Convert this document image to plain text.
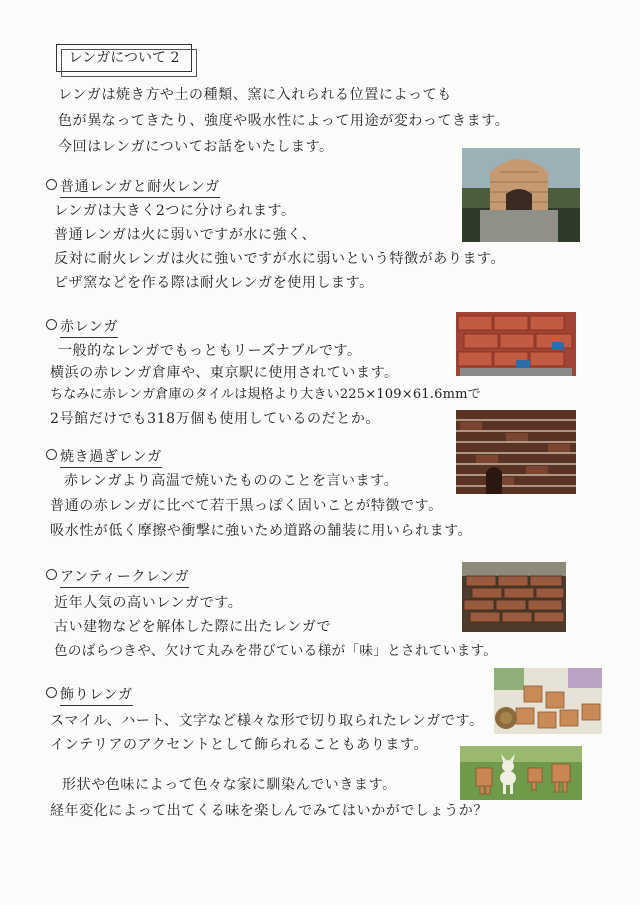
レンガについて 2
レンガは焼き方や土の種類、窯に入れられる位置によっても
色が異なってきたり、強度や吸水性によって用途が変わってきます。
今回はレンガについてお話をいたします。
普通レンガと耐火レンガ
レンガは大きく2つに分けられます。
普通レンガは火に弱いですが水に強く、
反対に耐火レンガは火に強いですが水に弱いという特徴があります。
ピザ窯などを作る際は耐火レンガを使用します。
赤レンガ
一般的なレンガでもっともリーズナブルです。
横浜の赤レンガ倉庫や、東京駅に使用されています。
ちなみに赤レンガ倉庫のタイルは規格より大きい225×109×61.6mmで
2号館だけでも318万個も使用しているのだとか。
焼き過ぎレンガ
赤レンガより高温で焼いたもののことを言います。
普通の赤レンガに比べて若干黒っぽく固いことが特徴です。
吸水性が低く摩擦や衝撃に強いため道路の舗装に用いられます。
アンティークレンガ
近年人気の高いレンガです。
古い建物などを解体した際に出たレンガで
色のばらつきや、欠けて丸みを帯びている様が「味」とされています。
飾りレンガ
スマイル、ハート、文字など様々な形で切り取られたレンガです。
インテリアのアクセントとして飾られることもあります。
形状や色味によって色々な家に馴染んでいきます。
経年変化によって出てくる味を楽しんでみてはいかがでしょうか？
